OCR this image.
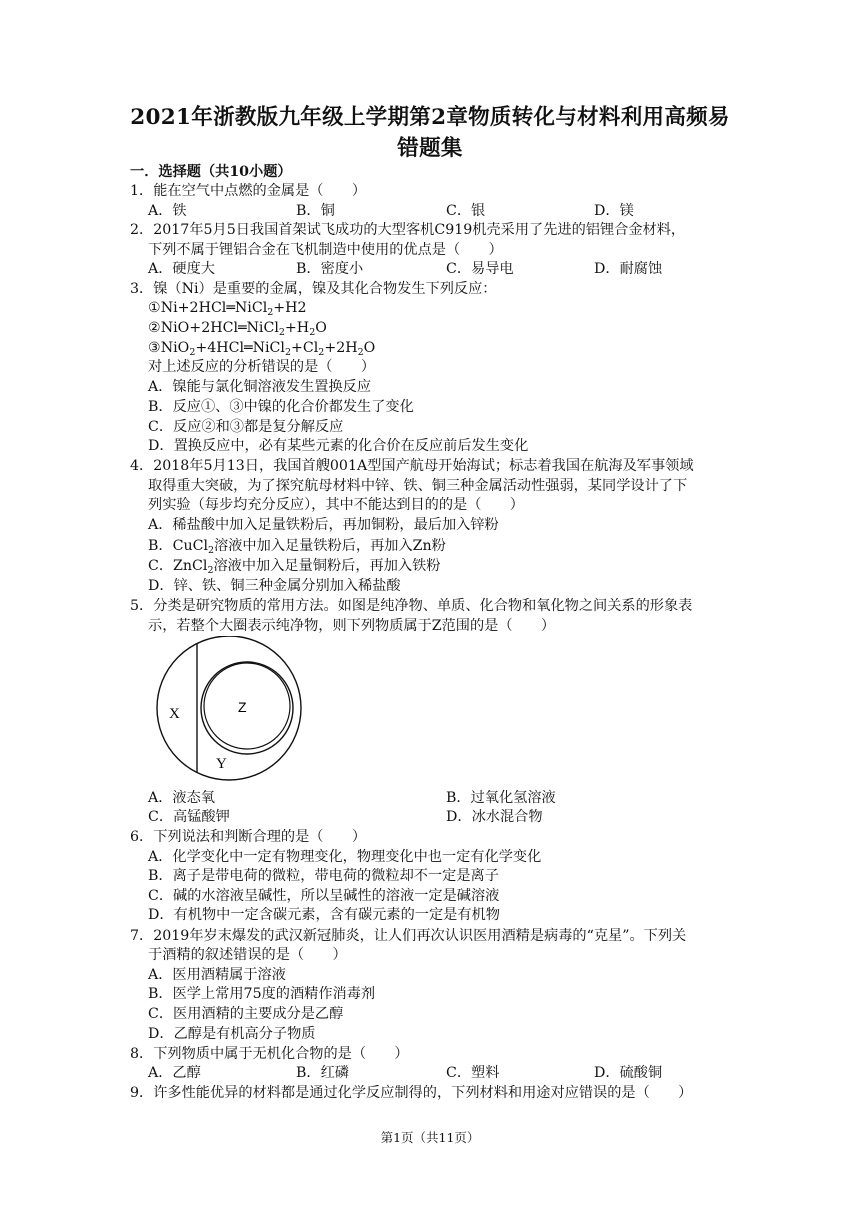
2021年浙教版九年级上学期第2章物质转化与材料利用高频易
错题集
一．选择题（共10小题）
1．能在空气中点燃的金属是（　　）
A．铁	B．铜	C．银	D．镁
2．2017年5月5日我国首架试飞成功的大型客机C919机壳采用了先进的铝锂合金材料，
下列不属于锂铝合金在飞机制造中使用的优点是（　　）
A．硬度大	B．密度小	C．易导电	D．耐腐蚀
3．镍（Ni）是重要的金属，镍及其化合物发生下列反应：
①Ni+2HCl═NiCl$_2$+H2
$②NiO+2HCl═NiCl_2+H_2O$
$③NiO_2+4HCl═NiCl_2+Cl_2+2H_2O$
对上述反应的分析错误的是（　　）
A．镍能与氯化铜溶液发生置换反应
B．反应①、③中镍的化合价都发生了变化
C．反应②和③都是复分解反应
D．置换反应中，必有某些元素的化合价在反应前后发生变化
4．2018年5月13日，我国首艘001A型国产航母开始海试；标志着我国在航海及军事领域
取得重大突破，为了探究航母材料中锌、铁、铜三种金属活动性强弱，某同学设计了下
列实验（每步均充分反应），其中不能达到目的的是（　　）
A．稀盐酸中加入足量铁粉后，再加铜粉，最后加入锌粉
B．CuCl$_2$溶液中加入足量铁粉后，再加入Zn粉
C．ZnCl$_2$溶液中加入足量铜粉后，再加入铁粉
D．锌、铁、铜三种金属分别加入稀盐酸
5．分类是研究物质的常用方法。如图是纯净物、单质、化合物和氧化物之间关系的形象表
示，若整个大圈表示纯净物，则下列物质属于Z范围的是（　　）
X	Z
Y
A．液态氧	B．过氧化氢溶液
C．高锰酸钾	D．冰水混合物
6．下列说法和判断合理的是（　　）
A．化学变化中一定有物理变化，物理变化中也一定有化学变化
B．离子是带电荷的微粒，带电荷的微粒却不一定是离子
C．碱的水溶液呈碱性，所以呈碱性的溶液一定是碱溶液
D．有机物中一定含碳元素，含有碳元素的一定是有机物
7．2019年岁末爆发的武汉新冠肺炎，让人们再次认识医用酒精是病毒的“克星”。下列关
于酒精的叙述错误的是（　　）
A．医用酒精属于溶液
B．医学上常用75度的酒精作消毒剂
C．医用酒精的主要成分是乙醇
D．乙醇是有机高分子物质
8．下列物质中属于无机化合物的是（　　）
A．乙醇	B．红磷	C．塑料	D．硫酸铜
9．许多性能优异的材料都是通过化学反应制得的，下列材料和用途对应错误的是（　　）
第1页（共11页）
